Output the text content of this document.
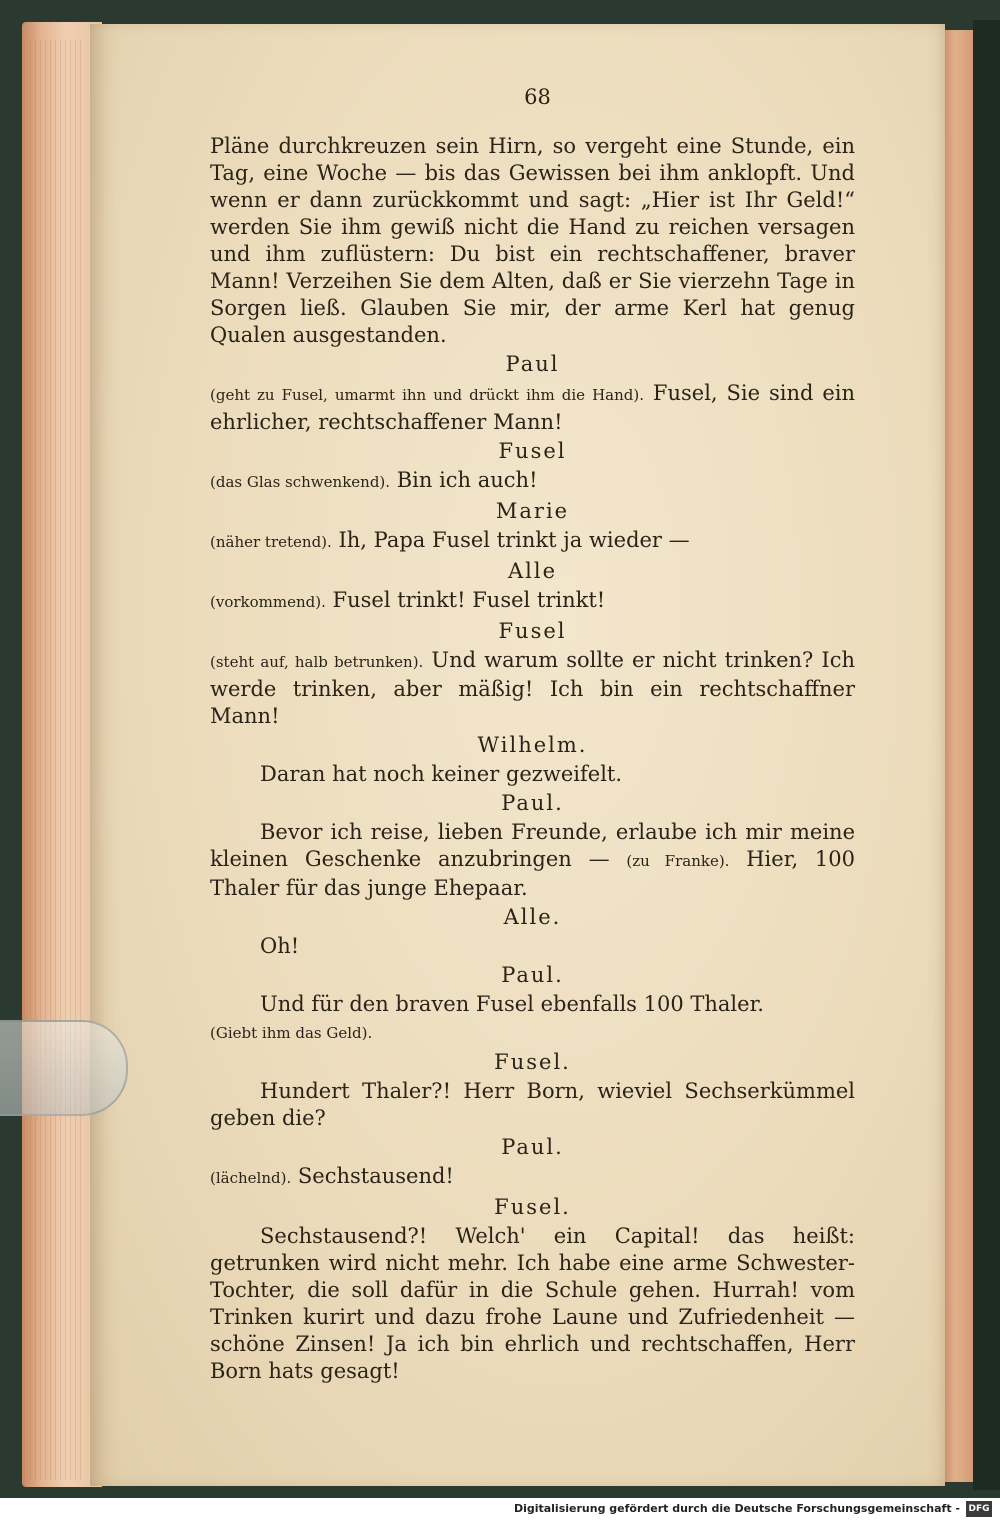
68

Pläne durchkreuzen sein Hirn, so vergeht eine Stunde, ein Tag, eine Woche — bis das Gewissen bei ihm anklopft. Und wenn er dann zurückkommt und sagt: „Hier ist Ihr Geld!“ werden Sie ihm gewiß nicht die Hand zu reichen versagen und ihm zuflüstern: Du bist ein rechtschaffener, braver Mann! Verzeihen Sie dem Alten, daß er Sie vierzehn Tage in Sorgen ließ. Glauben Sie mir, der arme Kerl hat genug Qualen ausgestanden.

Paul

(geht zu Fusel, umarmt ihn und drückt ihm die Hand). Fusel, Sie sind ein ehrlicher, rechtschaffener Mann!

Fusel

(das Glas schwenkend). Bin ich auch!

Marie

(näher tretend). Ih, Papa Fusel trinkt ja wieder —

Alle

(vorkommend). Fusel trinkt! Fusel trinkt!

Fusel

(steht auf, halb betrunken). Und warum sollte er nicht trinken? Ich werde trinken, aber mäßig! Ich bin ein rechtschaffner Mann!

Wilhelm.

Daran hat noch keiner gezweifelt.

Paul.

Bevor ich reise, lieben Freunde, erlaube ich mir meine kleinen Geschenke anzubringen — (zu Franke). Hier, 100 Thaler für das junge Ehepaar.

Alle.

Oh!

Paul.

Und für den braven Fusel ebenfalls 100 Thaler.
(Giebt ihm das Geld).

Fusel.

Hundert Thaler?! Herr Born, wieviel Sechserkümmel geben die?

Paul.

(lächelnd). Sechstausend!

Fusel.

Sechstausend?! Welch' ein Capital! das heißt: getrunken wird nicht mehr. Ich habe eine arme Schwester-Tochter, die soll dafür in die Schule gehen. Hurrah! vom Trinken kurirt und dazu frohe Laune und Zufriedenheit — schöne Zinsen! Ja ich bin ehrlich und rechtschaffen, Herr Born hats gesagt!

Digitalisierung gefördert durch die Deutsche Forschungsgemeinschaft - DFG
